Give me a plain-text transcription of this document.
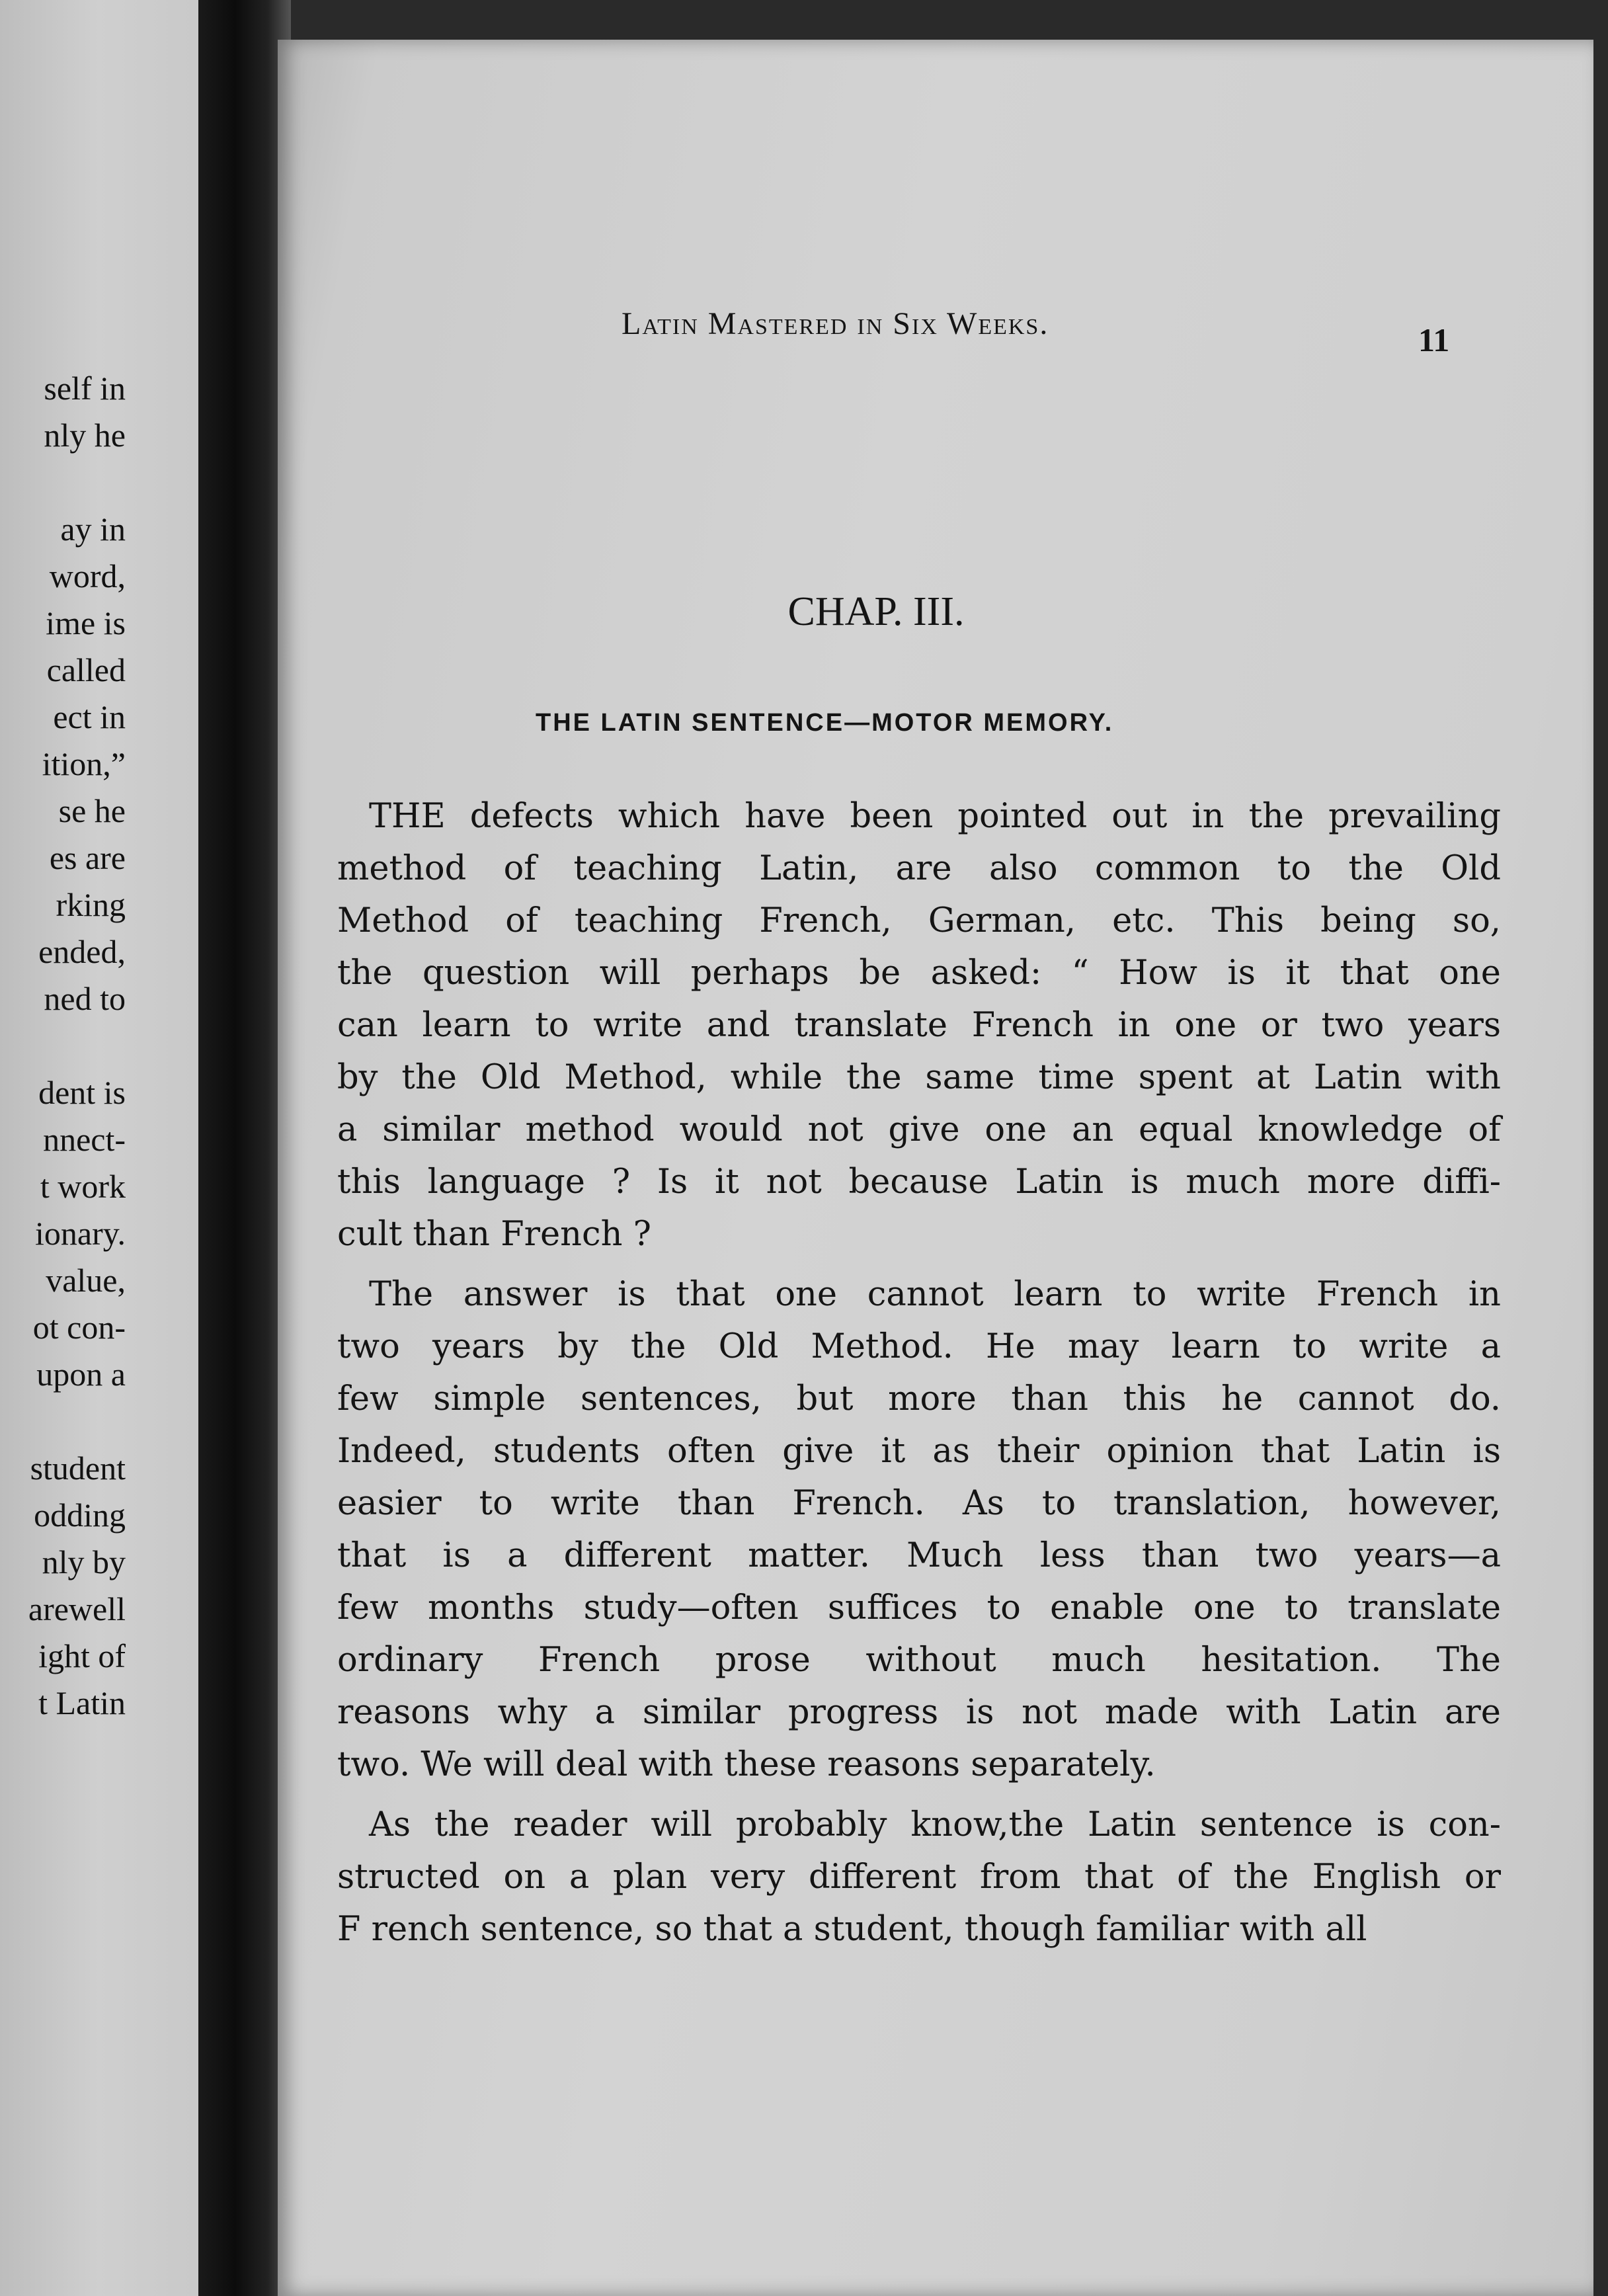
self in
nly he
ay in
word,
ime is
called
ect in
ition,”
se he
es are
rking
ended,
ned to
dent is
nnect-
t work
ionary.
value,
ot con-
upon a
student
odding
nly by
arewell
ight of
t Latin
Latin Mastered in Six Weeks.	11
CHAP. III.
THE LATIN SENTENCE—MOTOR MEMORY.
THE defects which have been pointed out in the prevailing
method of teaching Latin, are also common to the Old
Method of teaching French, German, etc. This being so,
the question will perhaps be asked: “ How is it that one
can learn to write and translate French in one or two years
by the Old Method, while the same time spent at Latin with
a similar method would not give one an equal knowledge of
this language ? Is it not because Latin is much more diffi-
cult than French ?
The answer is that one cannot learn to write French in
two years by the Old Method. He may learn to write a
few simple sentences, but more than this he cannot do.
Indeed, students often give it as their opinion that Latin is
easier to write than French. As to translation, however,
that is a different matter. Much less than two years—a
few months study—often suffices to enable one to translate
ordinary French prose without much hesitation. The
reasons why a similar progress is not made with Latin are
two. We will deal with these reasons separately.
As the reader will probably know,the Latin sentence is con-
structed on a plan very different from that of the English or
F rench sentence, so that a student, though familiar with all
